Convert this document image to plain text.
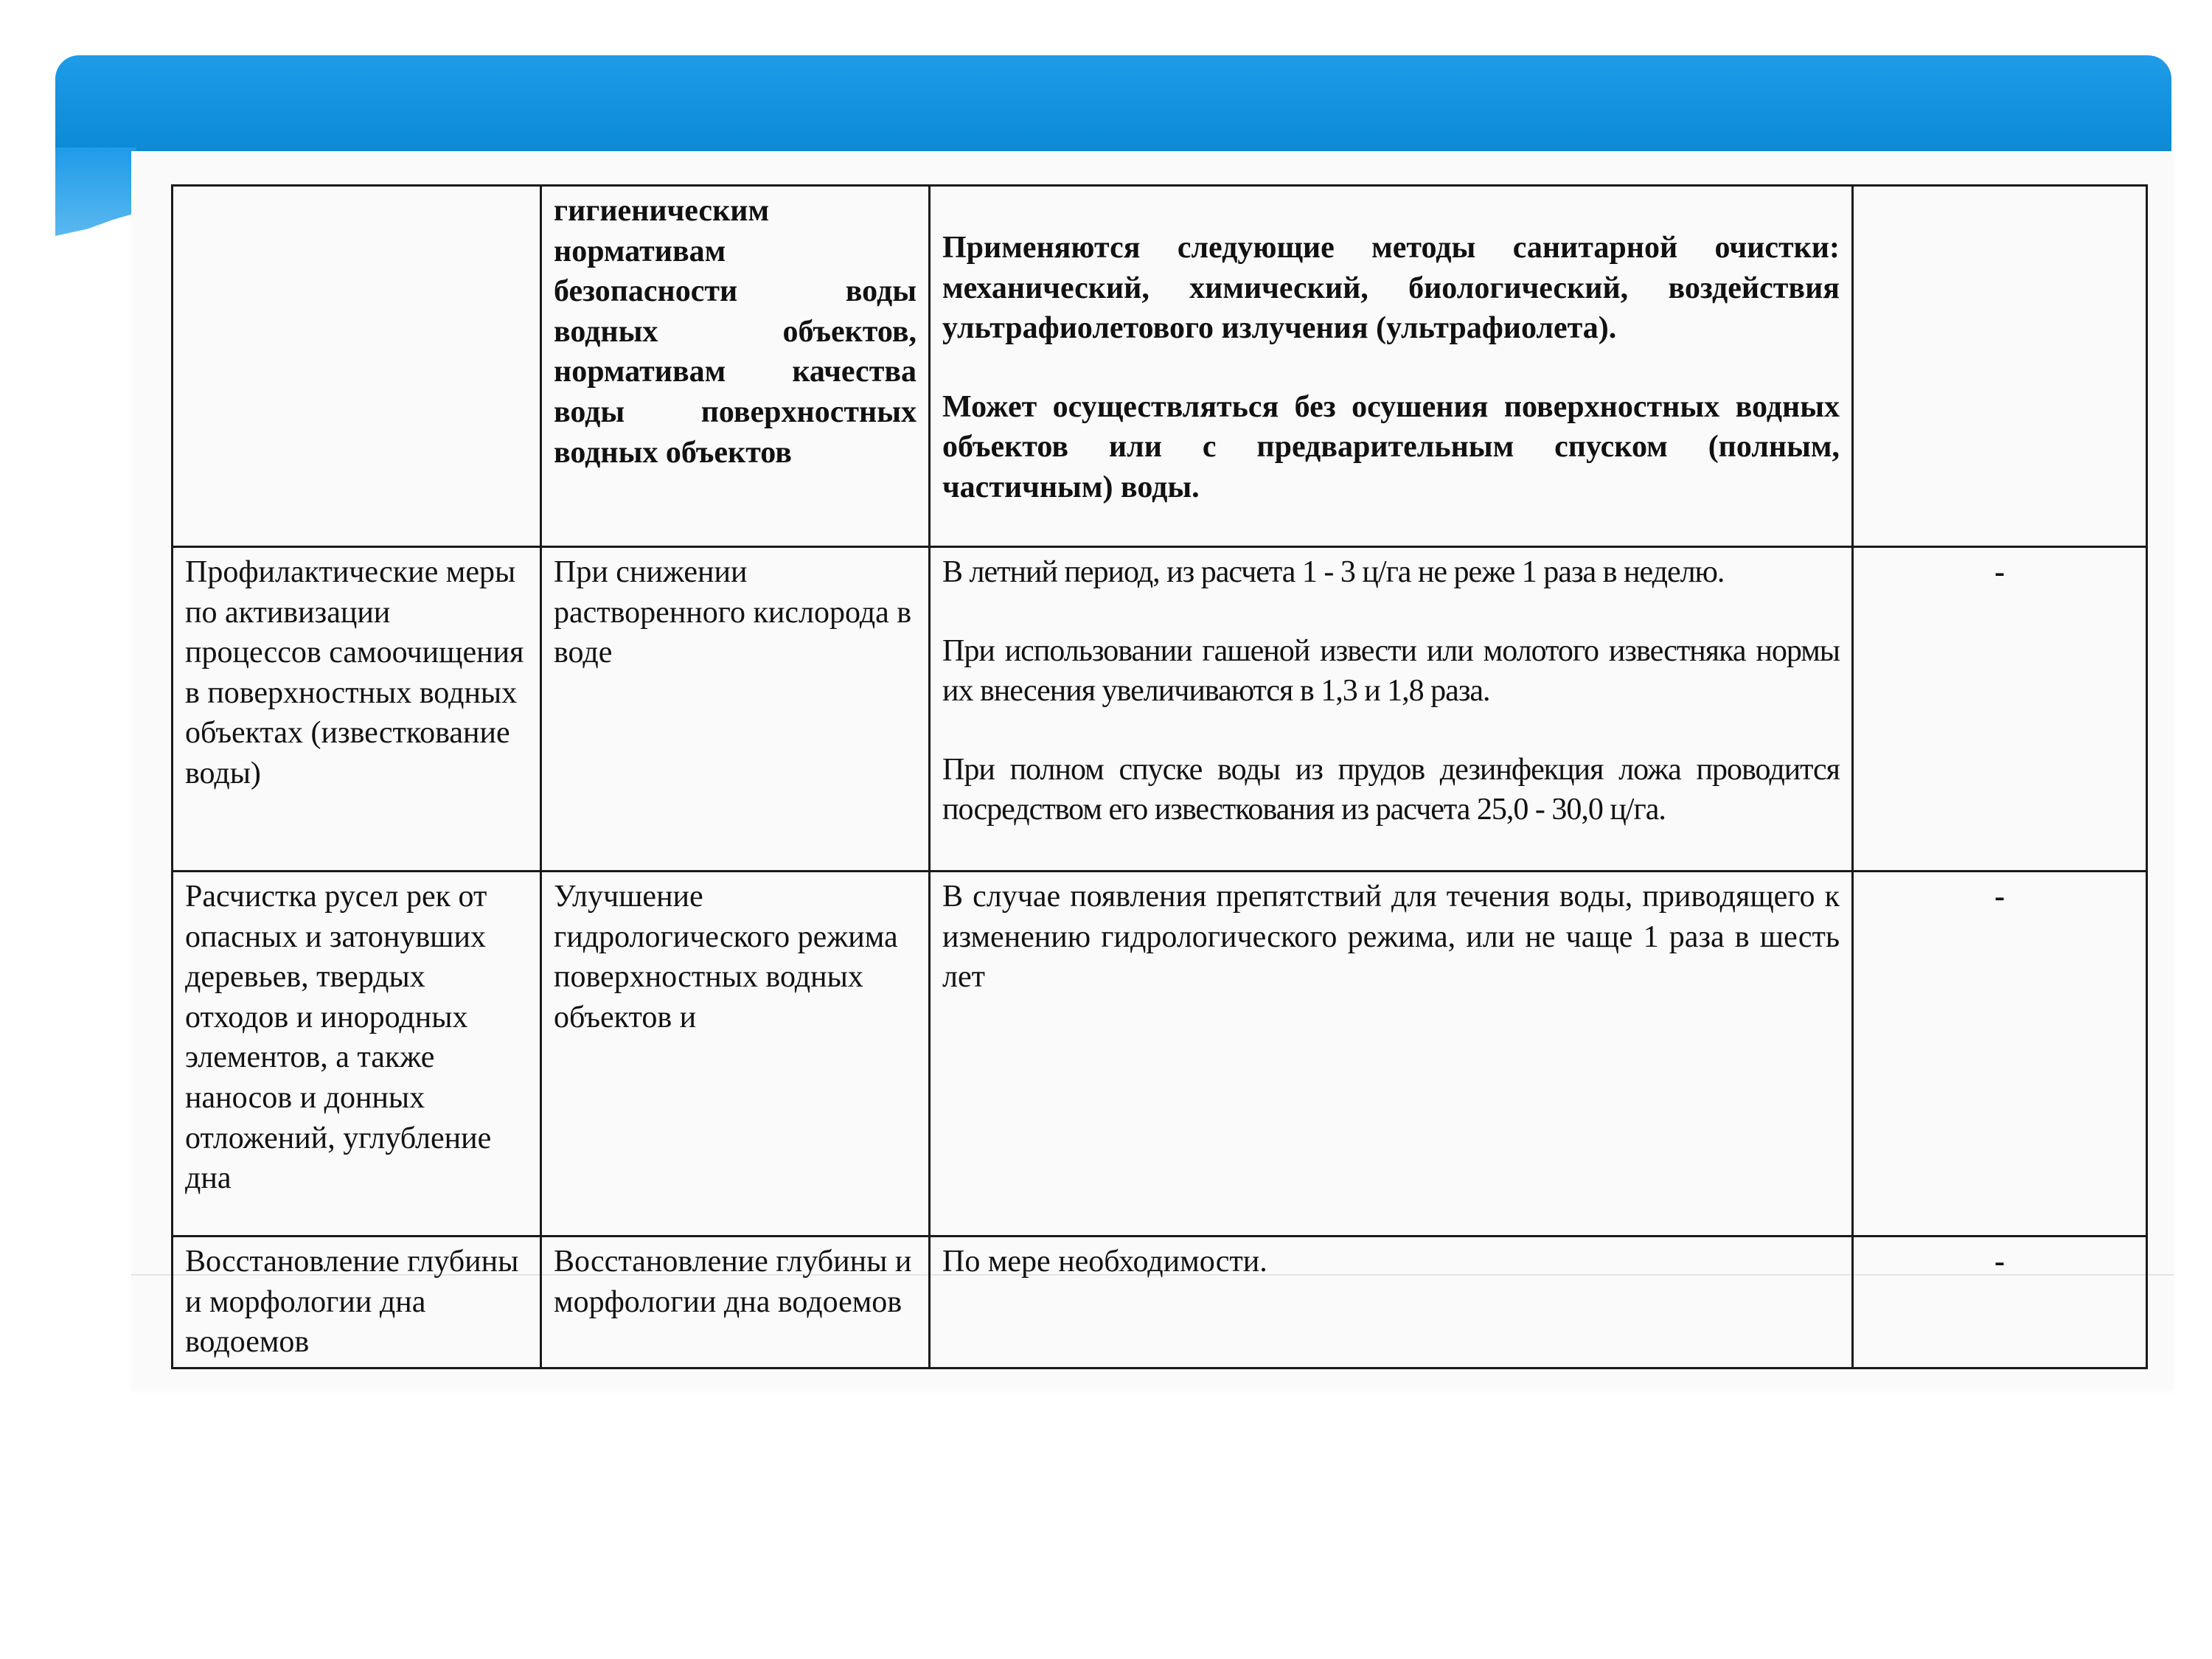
	гигиеническим нормативам безопасности воды водных объектов, нормативам качества воды поверхностных водных объектов	Применяются следующие методы санитарной очистки: механический, химический, биологический, воздействия ультрафиолетового излучения (ультрафиолета).
Может осуществляться без осушения поверхностных водных объектов или с предварительным спуском (полным, частичным) воды.	

Профилактические меры по активизации процессов самоочищения в поверхностных водных объектах (известкование воды)	При снижении растворенного кислорода в воде	В летний период, из расчета 1 - 3 ц/га не реже 1 раза в неделю.
При использовании гашеной извести или молотого известняка нормы их внесения увеличиваются в 1,3 и 1,8 раза.
При полном спуске воды из прудов дезинфекция ложа проводится посредством его известкования из расчета 25,0 - 30,0 ц/га.	-

Расчистка русел рек от опасных и затонувших деревьев, твердых отходов и инородных элементов, а также наносов и донных отложений, углубление дна	Улучшение гидрологического режима поверхностных водных объектов и	В случае появления препятствий для течения воды, приводящего к изменению гидрологического режима, или не чаще 1 раза в шесть лет	-

Восстановление глубины и морфологии дна водоемов	Восстановление глубины и морфологии дна водоемов	По мере необходимости.	-
